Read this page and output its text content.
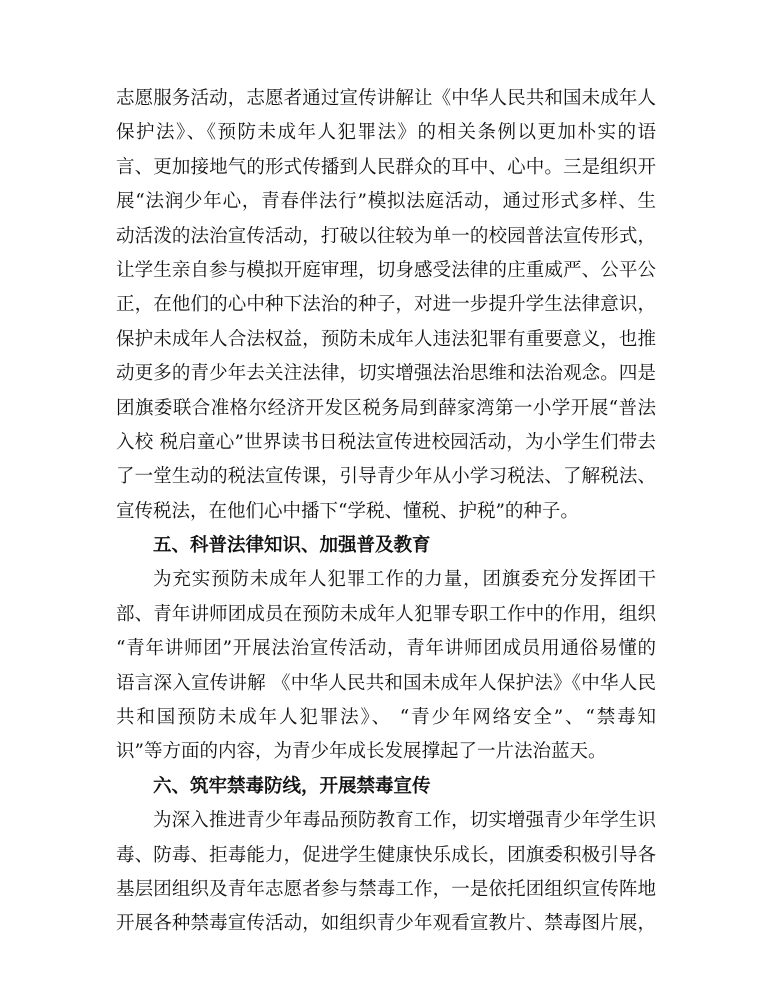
志愿服务活动，志愿者通过宣传讲解让《中华人民共和国未成年人
保护法》、《预防未成年人犯罪法》的相关条例以更加朴实的语
言、更加接地气的形式传播到人民群众的耳中、心中。三是组织开
展“法润少年心，青春伴法行”模拟法庭活动，通过形式多样、生
动活泼的法治宣传活动，打破以往较为单一的校园普法宣传形式，
让学生亲自参与模拟开庭审理，切身感受法律的庄重威严、公平公
正，在他们的心中种下法治的种子，对进一步提升学生法律意识，
保护未成年人合法权益，预防未成年人违法犯罪有重要意义，也推
动更多的青少年去关注法律，切实增强法治思维和法治观念。四是
团旗委联合准格尔经济开发区税务局到薛家湾第一小学开展“普法
入校 税启童心”世界读书日税法宣传进校园活动，为小学生们带去
了一堂生动的税法宣传课，引导青少年从小学习税法、了解税法、
宣传税法，在他们心中播下“学税、懂税、护税”的种子。
五、科普法律知识、加强普及教育
为充实预防未成年人犯罪工作的力量，团旗委充分发挥团干
部、青年讲师团成员在预防未成年人犯罪专职工作中的作用，组织
“青年讲师团”开展法治宣传活动，青年讲师团成员用通俗易懂的
语言深入宣传讲解 《中华人民共和国未成年人保护法》《中华人民
共和国预防未成年人犯罪法》、 “青少年网络安全”、“禁毒知
识”等方面的内容，为青少年成长发展撑起了一片法治蓝天。
六、筑牢禁毒防线，开展禁毒宣传
为深入推进青少年毒品预防教育工作，切实增强青少年学生识
毒、防毒、拒毒能力，促进学生健康快乐成长，团旗委积极引导各
基层团组织及青年志愿者参与禁毒工作，一是依托团组织宣传阵地
开展各种禁毒宣传活动，如组织青少年观看宣教片、禁毒图片展，
